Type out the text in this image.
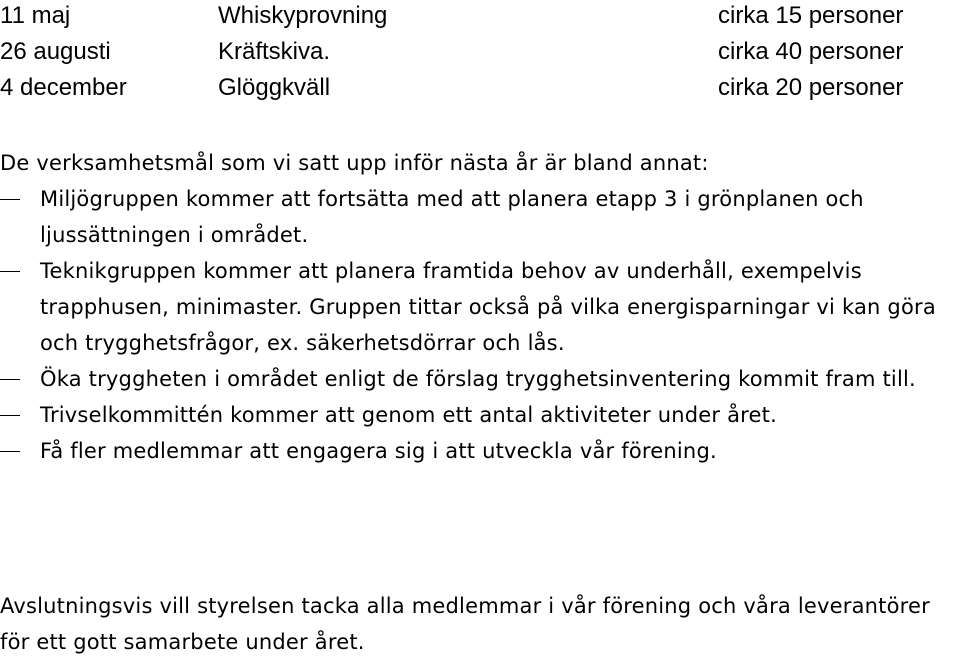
11 maj	Whiskyprovning	cirka 15 personer
26 augusti	Kräftskiva.	cirka 40 personer
4 december	Glöggkväll	cirka 20 personer
De verksamhetsmål som vi satt upp inför nästa år är bland annat:
Miljögruppen kommer att fortsätta med att planera etapp 3 i grönplanen och ljussättningen i området.
Teknikgruppen kommer att planera framtida behov av underhåll, exempelvis trapphusen, minimaster. Gruppen tittar också på vilka energisparningar vi kan göra och trygghetsfrågor, ex. säkerhetsdörrar och lås.
Öka tryggheten i området enligt de förslag trygghetsinventering kommit fram till.
Trivselkommittén kommer att genom ett antal aktiviteter under året.
Få fler medlemmar att engagera sig i att utveckla vår förening.
Avslutningsvis vill styrelsen tacka alla medlemmar i vår förening och våra leverantörer för ett gott samarbete under året.
